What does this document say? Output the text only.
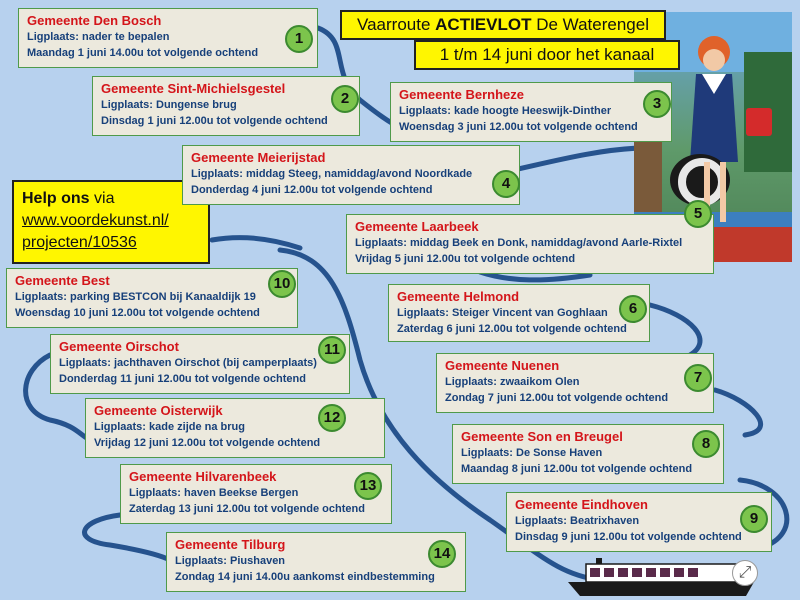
Vaarroute ACTIEVLOT De Waterengel
1 t/m 14 juni door het kanaal
Help ons via
www.voordekunst.nl/
projecten/10536
Gemeente Den Bosch
Ligplaats: nader te bepalen
Maandag 1 juni 14.00u tot volgende ochtend
1
Gemeente Sint-Michielsgestel
Ligplaats: Dungense brug
Dinsdag 1 juni 12.00u tot volgende ochtend
2	Gemeente Bernheze
Ligplaats: kade hoogte Heeswijk-Dinther
Woensdag 3 juni 12.00u tot volgende ochtend
3
Gemeente Meierijstad
Ligplaats: middag Steeg, namiddag/avond Noordkade
Donderdag 4 juni 12.00u tot volgende ochtend	4
Gemeente Laarbeek
Ligplaats: middag Beek en Donk, namiddag/avond Aarle-Rixtel
Vrijdag 5 juni 12.00u tot volgende ochtend
5
Gemeente Helmond
Ligplaats: Steiger Vincent van Goghlaan
Zaterdag 6 juni 12.00u tot volgende ochtend
6
Gemeente Nuenen
Ligplaats: zwaaikom Olen
Zondag 7 juni 12.00u tot volgende ochtend
7
Gemeente Son en Breugel
Ligplaats: De Sonse Haven
Maandag 8 juni 12.00u tot volgende ochtend
8
Gemeente Eindhoven
Ligplaats: Beatrixhaven
Dinsdag 9 juni 12.00u tot volgende ochtend
9
Gemeente Best
Ligplaats: parking BESTCON bij Kanaaldijk 19
Woensdag 10 juni 12.00u tot volgende ochtend
10
Gemeente Oirschot
Ligplaats: jachthaven Oirschot (bij camperplaats)
Donderdag 11 juni 12.00u tot volgende ochtend
11
Gemeente Oisterwijk
Ligplaats: kade zijde na brug
Vrijdag 12 juni 12.00u tot volgende ochtend
12
Gemeente Hilvarenbeek
Ligplaats: haven Beekse Bergen
Zaterdag 13 juni 12.00u tot volgende ochtend
13
Gemeente Tilburg
Ligplaats: Piushaven
Zondag 14 juni 14.00u aankomst eindbestemming
14
⤢
